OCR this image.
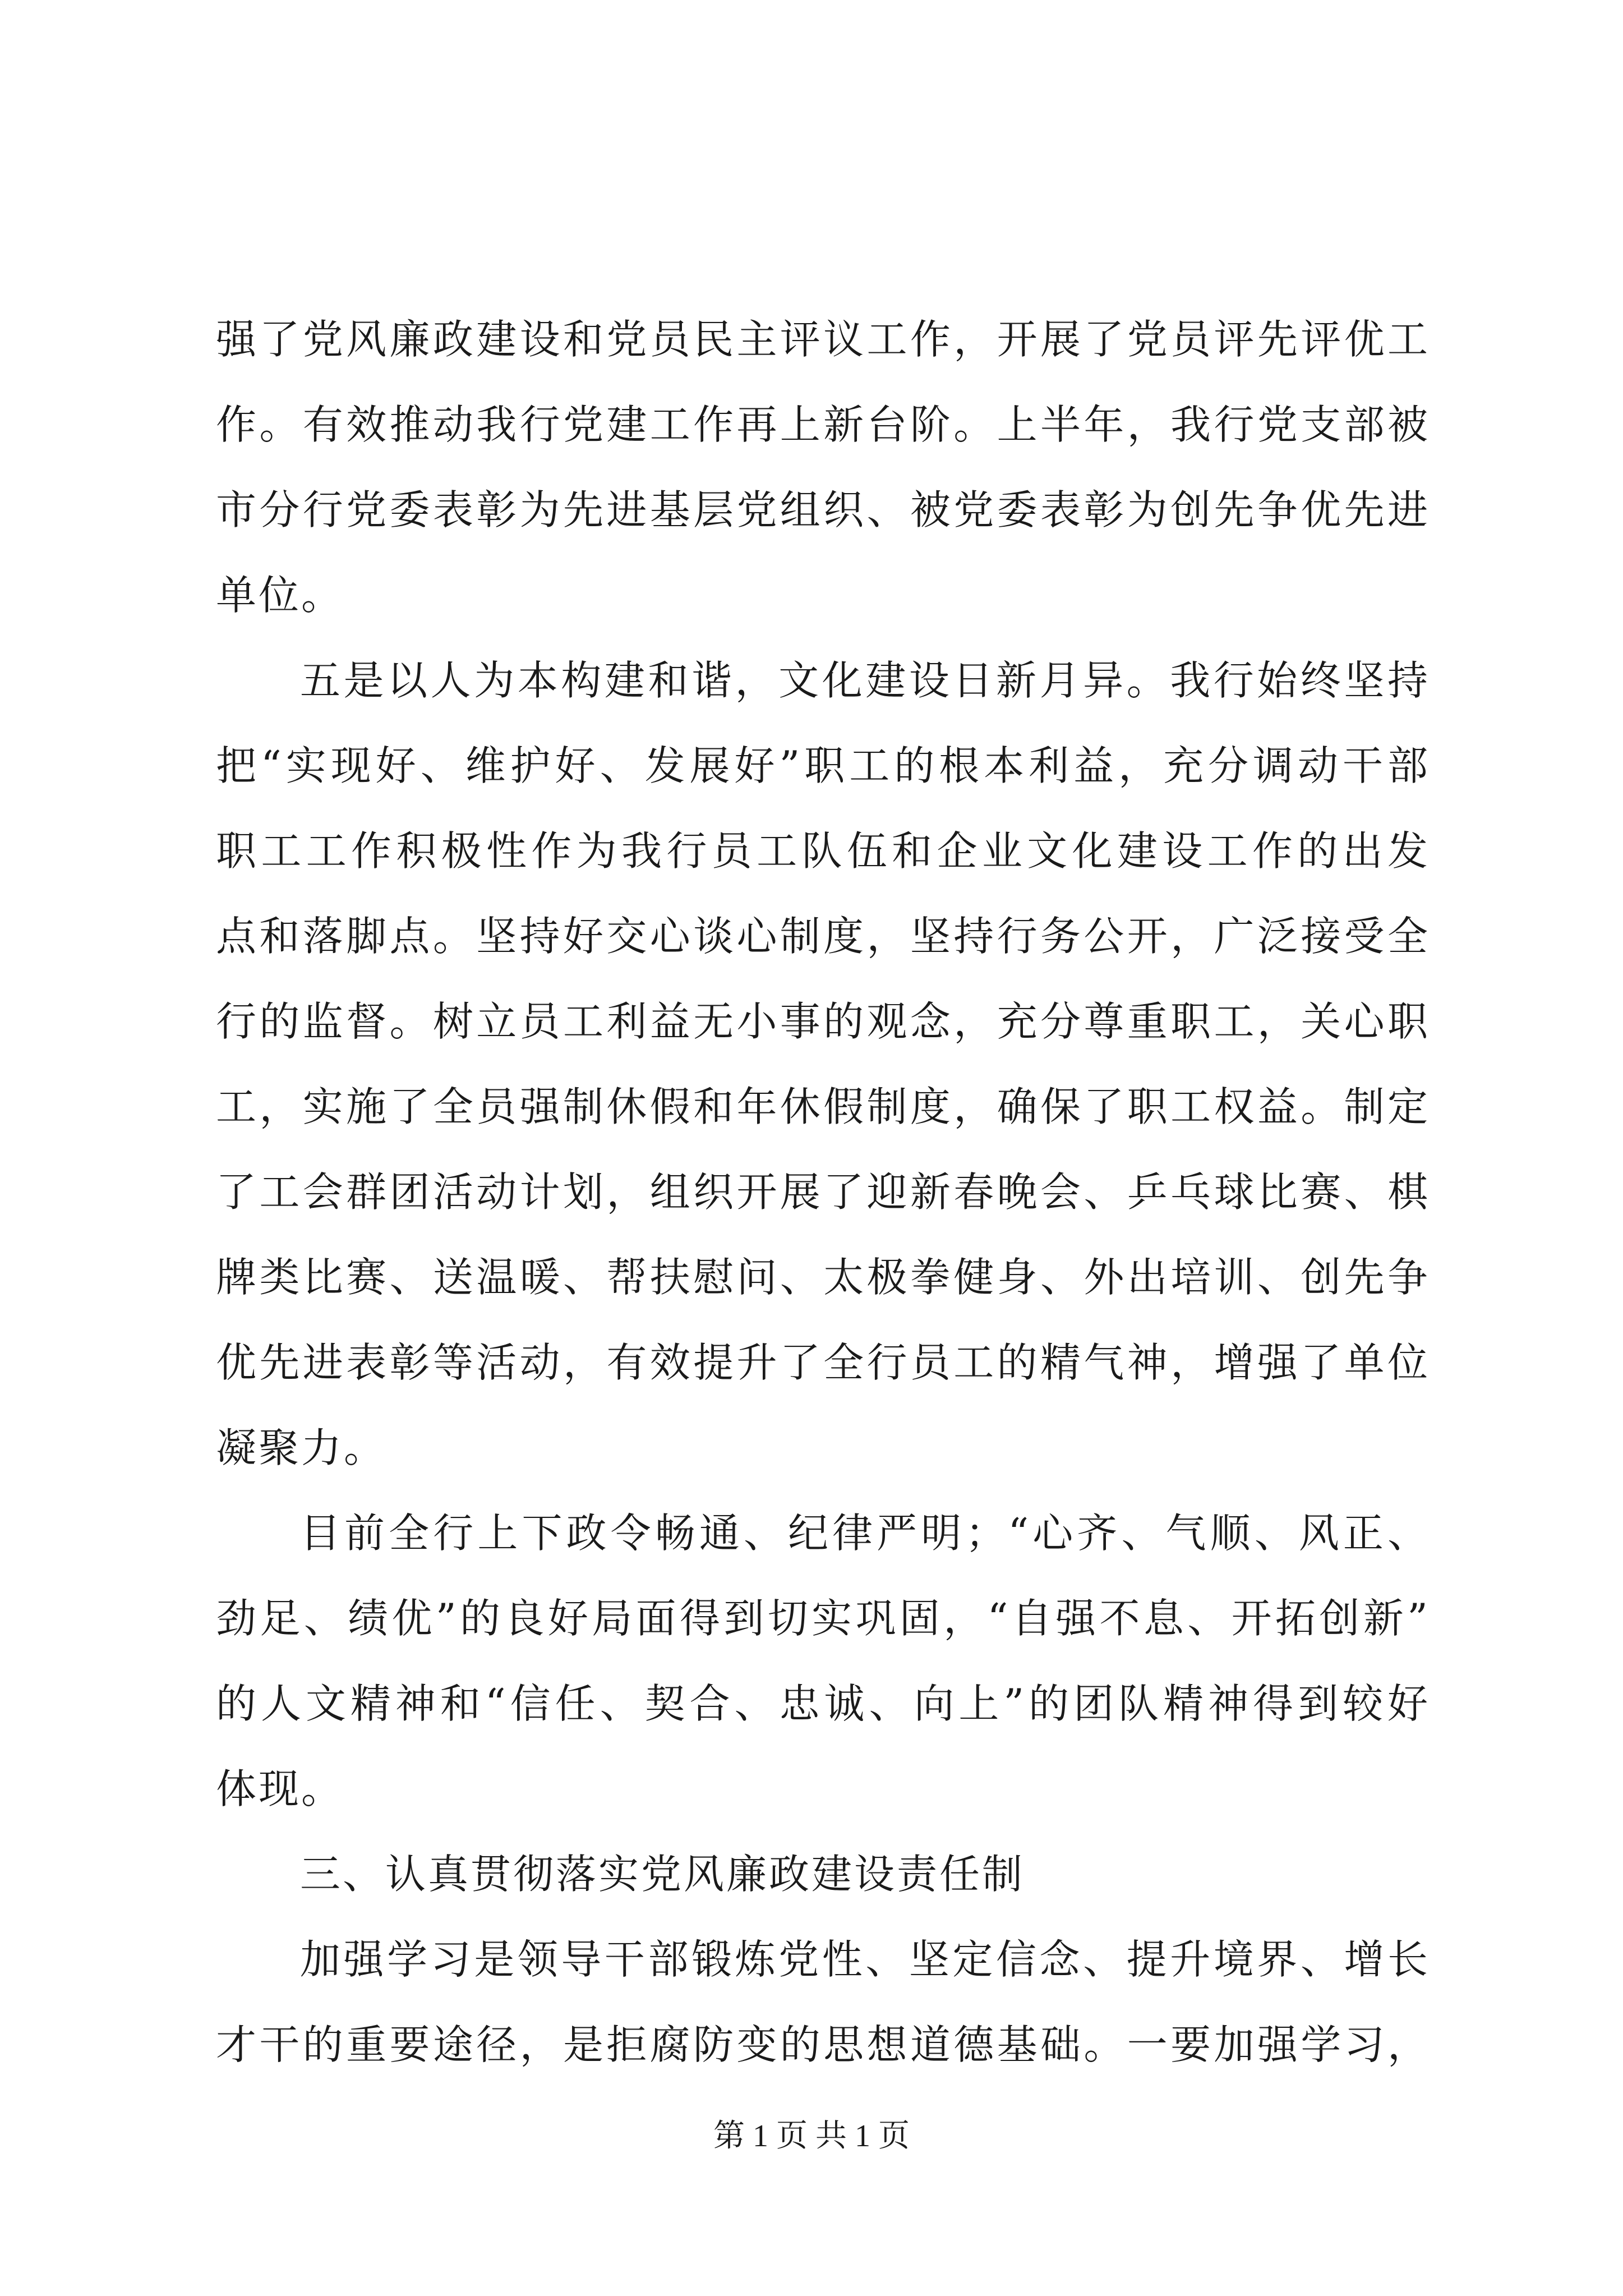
强了党风廉政建设和党员民主评议工作，开展了党员评先评优工
作。有效推动我行党建工作再上新台阶。上半年，我行党支部被
市分行党委表彰为先进基层党组织、被党委表彰为创先争优先进
单位。
五是以人为本构建和谐，文化建设日新月异。我行始终坚持
把“实现好、维护好、发展好”职工的根本利益，充分调动干部
职工工作积极性作为我行员工队伍和企业文化建设工作的出发
点和落脚点。坚持好交心谈心制度，坚持行务公开，广泛接受全
行的监督。树立员工利益无小事的观念，充分尊重职工，关心职
工，实施了全员强制休假和年休假制度，确保了职工权益。制定
了工会群团活动计划，组织开展了迎新春晚会、乒乓球比赛、棋
牌类比赛、送温暖、帮扶慰问、太极拳健身、外出培训、创先争
优先进表彰等活动，有效提升了全行员工的精气神，增强了单位
凝聚力。
目前全行上下政令畅通、纪律严明；“心齐、气顺、风正、
劲足、绩优”的良好局面得到切实巩固，“自强不息、开拓创新”
的人文精神和“信任、契合、忠诚、向上”的团队精神得到较好
体现。
三、认真贯彻落实党风廉政建设责任制
加强学习是领导干部锻炼党性、坚定信念、提升境界、增长
才干的重要途径，是拒腐防变的思想道德基础。一要加强学习，
第 1 页 共 1 页
